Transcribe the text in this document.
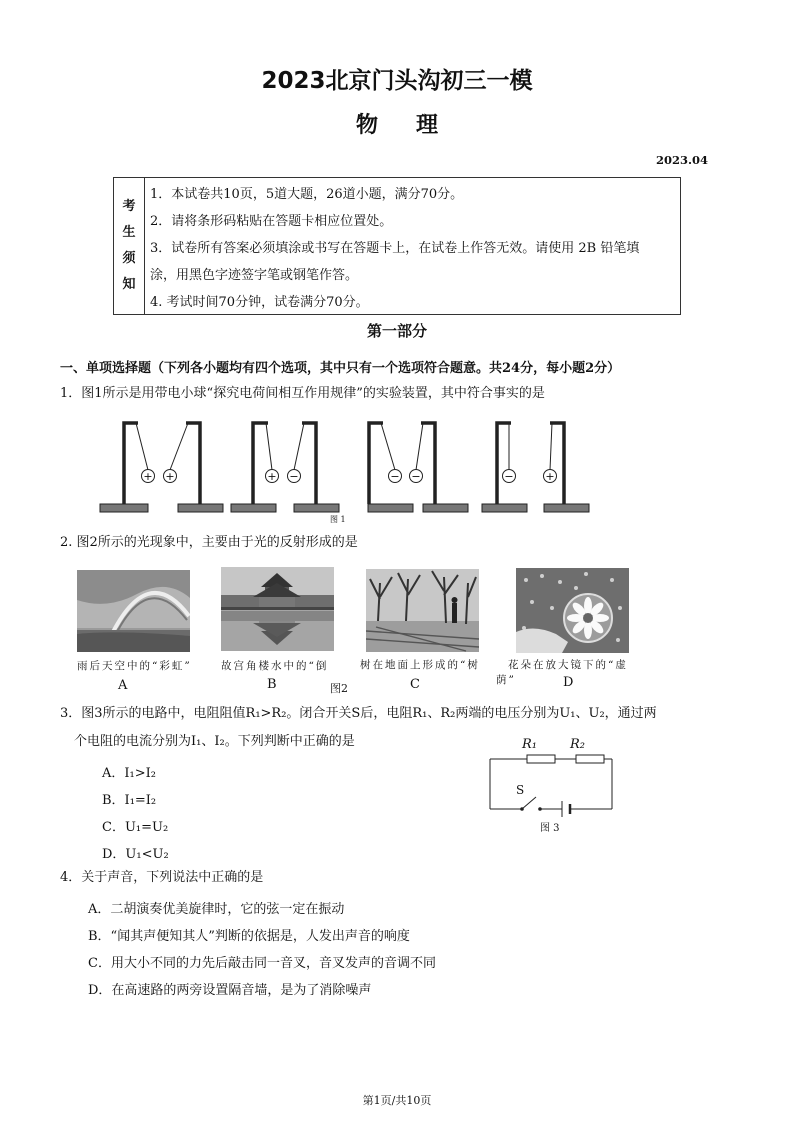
2023北京门头沟初三一模
物理
2023.04
考
生
须
知
1．本试卷共10页，5道大题，26道小题，满分70分。
2．请将条形码粘贴在答题卡相应位置处。
3．试卷所有答案必须填涂或书写在答题卡上，在试卷上作答无效。请使用 2B 铅笔填
涂，用黑色字迹签字笔或钢笔作答。
4. 考试时间70分钟，试卷满分70分。
第一部分
一、单项选择题（下列各小题均有四个选项，其中只有一个选项符合题意。共24分，每小题2分）
1．图1所示是用带电小球“探究电荷间相互作用规律”的实验装置，其中符合事实的是
+ +	+ −	− −	−	+
图 1
2. 图2所示的光现象中，主要由于光的反射形成的是
雨后天空中的“彩虹”	故宫角楼水中的“倒	树在地面上形成的“树
荫”
花朵在放大镜下的“虚
A	B	C	D
图2
3．图3所示的电路中，电阻阻值R₁>R₂。闭合开关S后，电阻R₁、R₂两端的电压分别为U₁、U₂，通过两
个电阻的电流分别为I₁、I₂。下列判断中正确的是
A．I₁>I₂
B．I₁=I₂
C．U₁=U₂
D．U₁<U₂
R₁	R₂
S
图 3
4．关于声音，下列说法中正确的是
A．二胡演奏优美旋律时，它的弦一定在振动
B．“闻其声便知其人”判断的依据是，人发出声音的响度
C．用大小不同的力先后敲击同一音叉，音叉发声的音调不同
D．在高速路的两旁设置隔音墙，是为了消除噪声
第1页/共10页
